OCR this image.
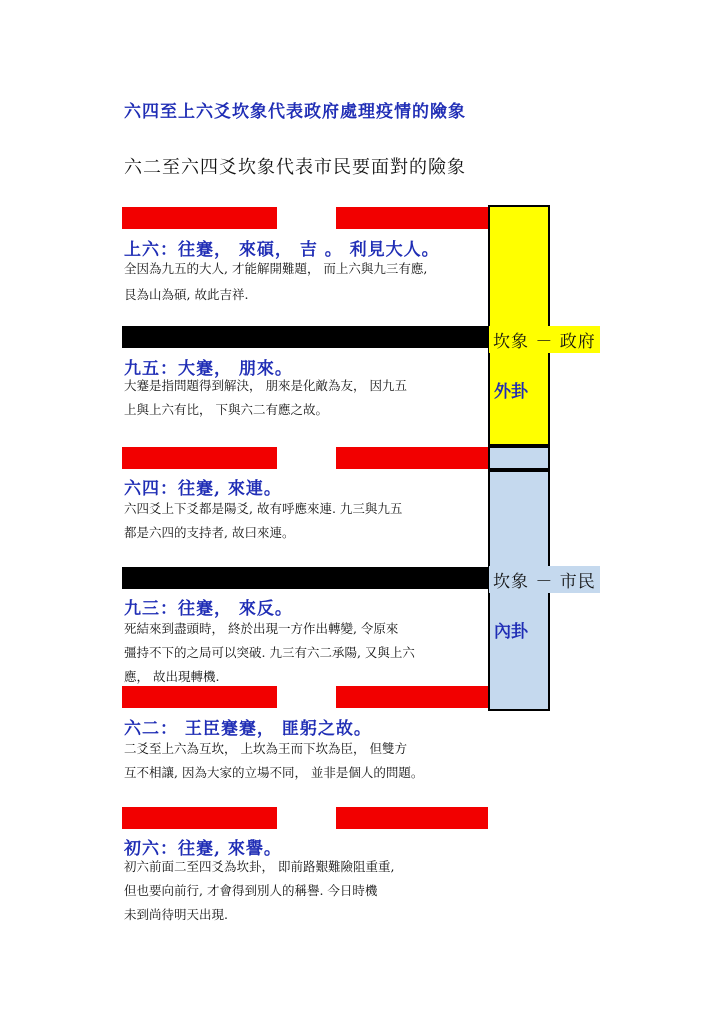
六四至上六爻坎象代表政府處理疫情的險象
六二至六四爻坎象代表市民要面對的險象
坎象 － 政府
外卦
坎象 － 市民
內卦
上六：往蹇， 來碩， 吉 。 利見大人。
全因為九五的大人, 才能解開難題， 而上六與九三有應,
艮為山為碩, 故此吉祥.
九五：大蹇， 朋來。
大蹇是指問題得到解決， 朋來是化敵為友， 因九五
上與上六有比， 下與六二有應之故。
六四：往蹇, 來連。
六四爻上下爻都是陽爻, 故有呼應來連. 九三與九五
都是六四的支持者, 故曰來連。
九三：往蹇， 來反。
死結來到盡頭時， 終於出現一方作出轉變, 令原來
彊持不下的之局可以突破. 九三有六二承陽, 又與上六
應， 故出現轉機.
六二： 王臣蹇蹇， 匪躬之故。
二爻至上六為互坎， 上坎為王而下坎為臣， 但雙方
互不相讓, 因為大家的立場不同， 並非是個人的問題。
初六：往蹇, 來譽。
初六前面二至四爻為坎卦， 即前路艱難險阻重重,
但也要向前行, 才會得到別人的稱譽. 今日時機
未到尚待明天出現.
